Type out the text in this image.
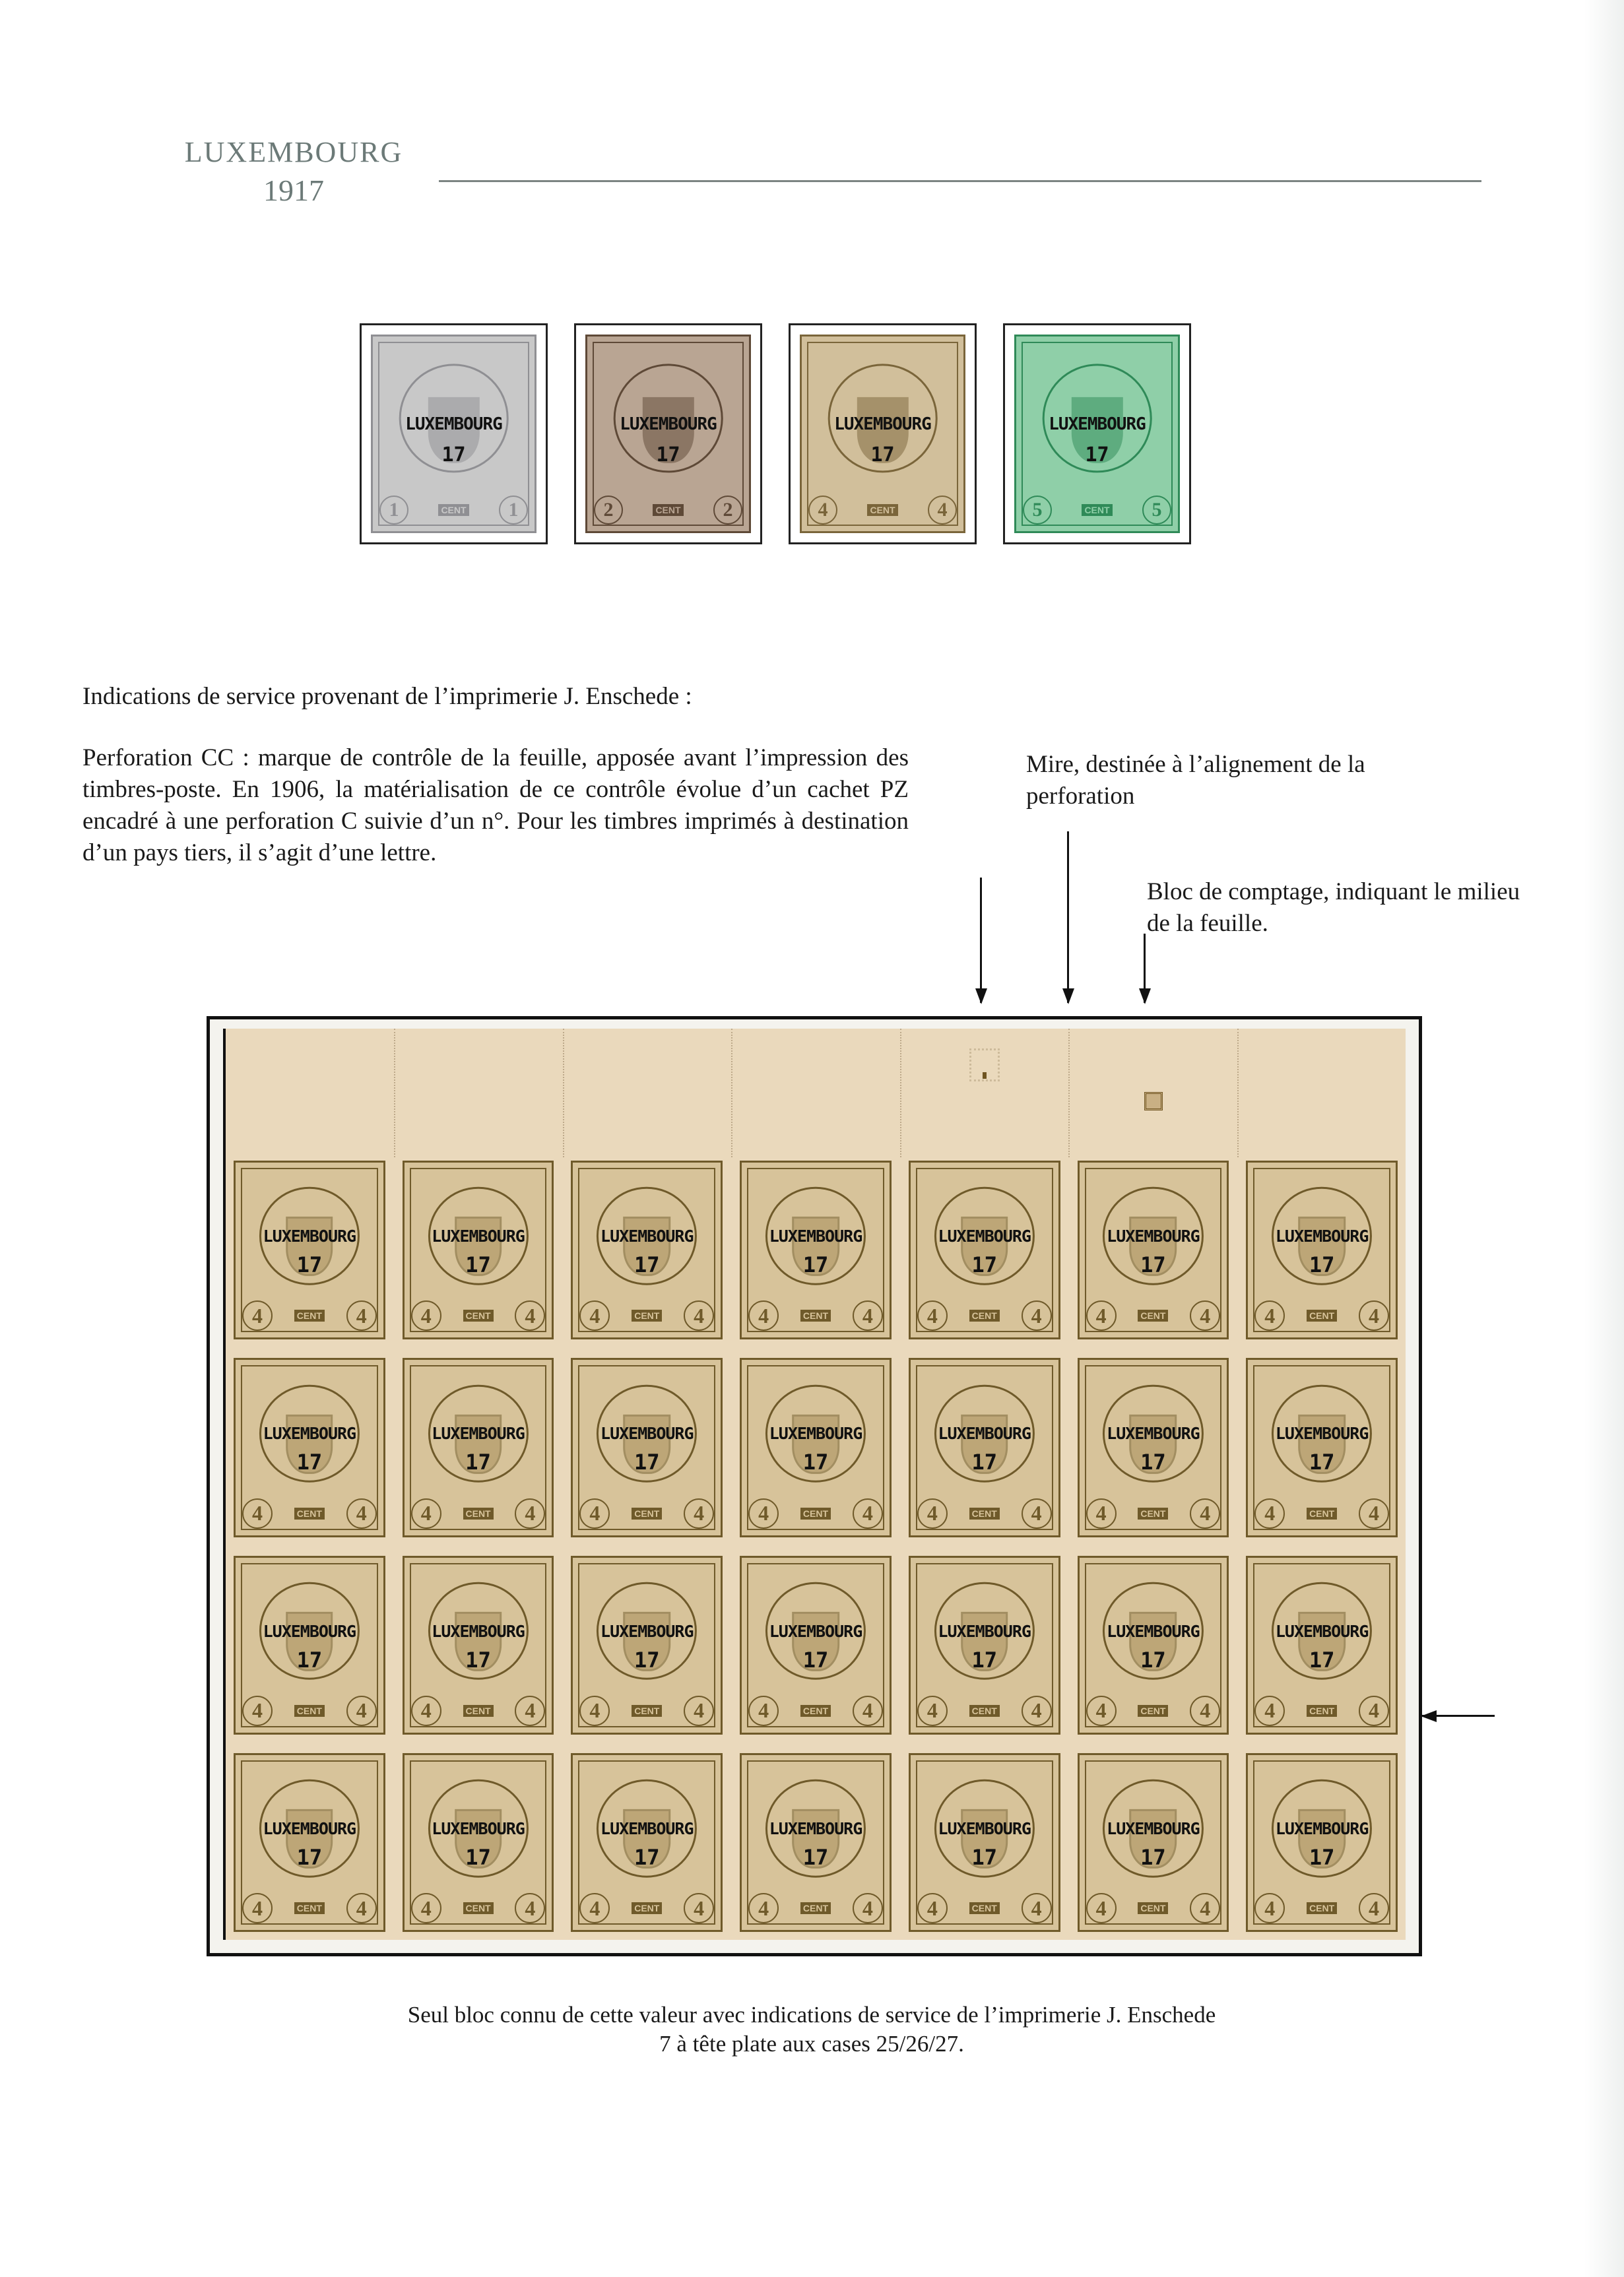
LUXEMBOURG
1917
LUXEMBOURG
17
1	CENT	1
LUXEMBOURG
17
2	CENT	2
LUXEMBOURG
17
4	CENT	4
LUXEMBOURG
17
5	CENT	5
Indications de service provenant de l’imprimerie J. Enschede :
Perforation CC : marque de contrôle de la feuille, apposée avant l’impression des timbres-poste. En 1906, la matérialisation de ce contrôle évolue d’un cachet PZ encadré à une perforation C suivie d’un n°. Pour les timbres imprimés à destination d’un pays tiers, il s’agit d’une lettre.
Mire, destinée à l’alignement de la perforation
Bloc de comptage, indiquant le milieu de la feuille.
LUXEMBOURG
17
4	CENT	4
LUXEMBOURG
17
4	CENT	4
LUXEMBOURG
17
4	CENT	4
LUXEMBOURG
17
4	CENT	4
LUXEMBOURG
17
4	CENT	4
LUXEMBOURG
17
4	CENT	4
LUXEMBOURG
17
4	CENT	4
LUXEMBOURG
17
4	CENT	4
LUXEMBOURG
17
4	CENT	4
LUXEMBOURG
17
4	CENT	4
LUXEMBOURG
17
4	CENT	4
LUXEMBOURG
17
4	CENT	4
LUXEMBOURG
17
4	CENT	4
LUXEMBOURG
17
4	CENT	4
LUXEMBOURG
17
4	CENT	4
LUXEMBOURG
17
4	CENT	4
LUXEMBOURG
17
4	CENT	4
LUXEMBOURG
17
4	CENT	4
LUXEMBOURG
17
4	CENT	4
LUXEMBOURG
17
4	CENT	4
LUXEMBOURG
17
4	CENT	4
LUXEMBOURG
17
4	CENT	4
LUXEMBOURG
17
4	CENT	4
LUXEMBOURG
17
4	CENT	4
LUXEMBOURG
17
4	CENT	4
LUXEMBOURG
17
4	CENT	4
LUXEMBOURG
17
4	CENT	4
LUXEMBOURG
17
4	CENT	4
Seul bloc connu de cette valeur avec indications de service de l’imprimerie J. Enschede
7 à tête plate aux cases 25/26/27.
